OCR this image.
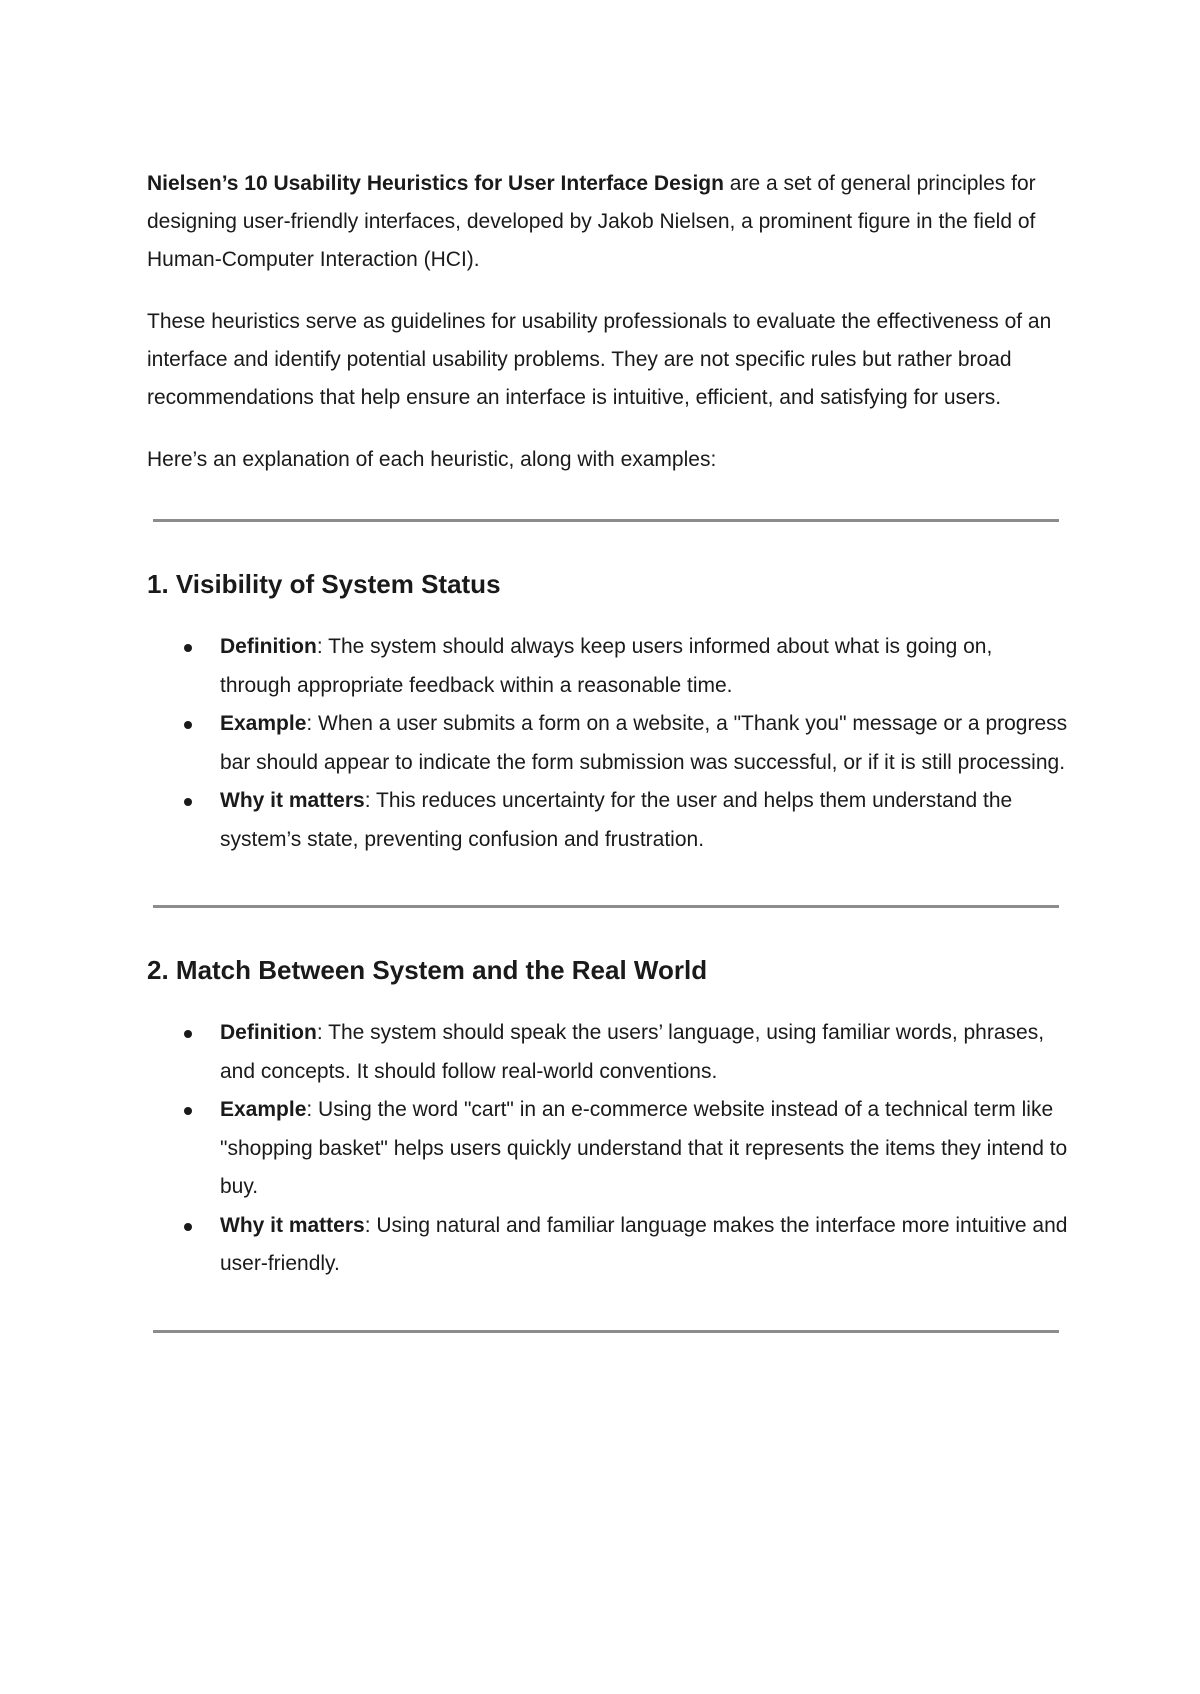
Nielsen’s 10 Usability Heuristics for User Interface Design are a set of general principles for designing user-friendly interfaces, developed by Jakob Nielsen, a prominent figure in the field of Human-Computer Interaction (HCI).

These heuristics serve as guidelines for usability professionals to evaluate the effectiveness of an interface and identify potential usability problems. They are not specific rules but rather broad recommendations that help ensure an interface is intuitive, efficient, and satisfying for users.

Here’s an explanation of each heuristic, along with examples:

1. Visibility of System Status
Definition: The system should always keep users informed about what is going on, through appropriate feedback within a reasonable time.
Example: When a user submits a form on a website, a "Thank you" message or a progress bar should appear to indicate the form submission was successful, or if it is still processing.
Why it matters: This reduces uncertainty for the user and helps them understand the system’s state, preventing confusion and frustration.
2. Match Between System and the Real World
Definition: The system should speak the users’ language, using familiar words, phrases, and concepts. It should follow real-world conventions.
Example: Using the word "cart" in an e-commerce website instead of a technical term like "shopping basket" helps users quickly understand that it represents the items they intend to buy.
Why it matters: Using natural and familiar language makes the interface more intuitive and user-friendly.
